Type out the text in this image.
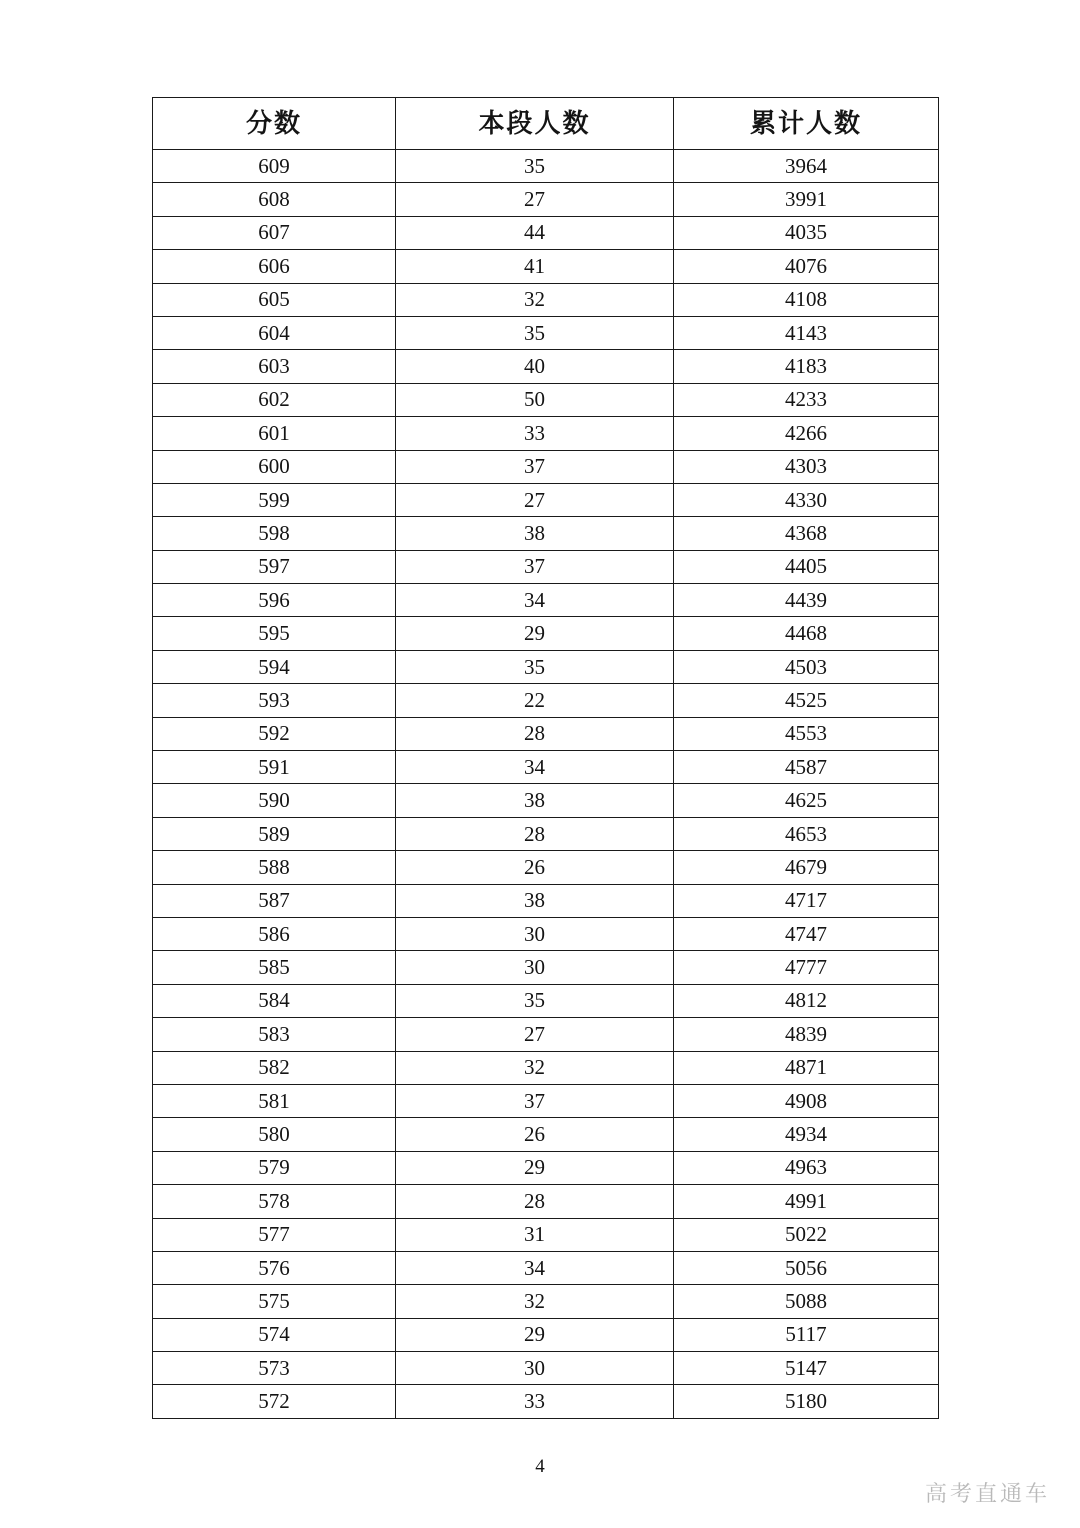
分数	本段人数	累计人数
609	35	3964
608	27	3991
607	44	4035
606	41	4076
605	32	4108
604	35	4143
603	40	4183
602	50	4233
601	33	4266
600	37	4303
599	27	4330
598	38	4368
597	37	4405
596	34	4439
595	29	4468
594	35	4503
593	22	4525
592	28	4553
591	34	4587
590	38	4625
589	28	4653
588	26	4679
587	38	4717
586	30	4747
585	30	4777
584	35	4812
583	27	4839
582	32	4871
581	37	4908
580	26	4934
579	29	4963
578	28	4991
577	31	5022
576	34	5056
575	32	5088
574	29	5117
573	30	5147
572	33	5180
4
高考直通车
